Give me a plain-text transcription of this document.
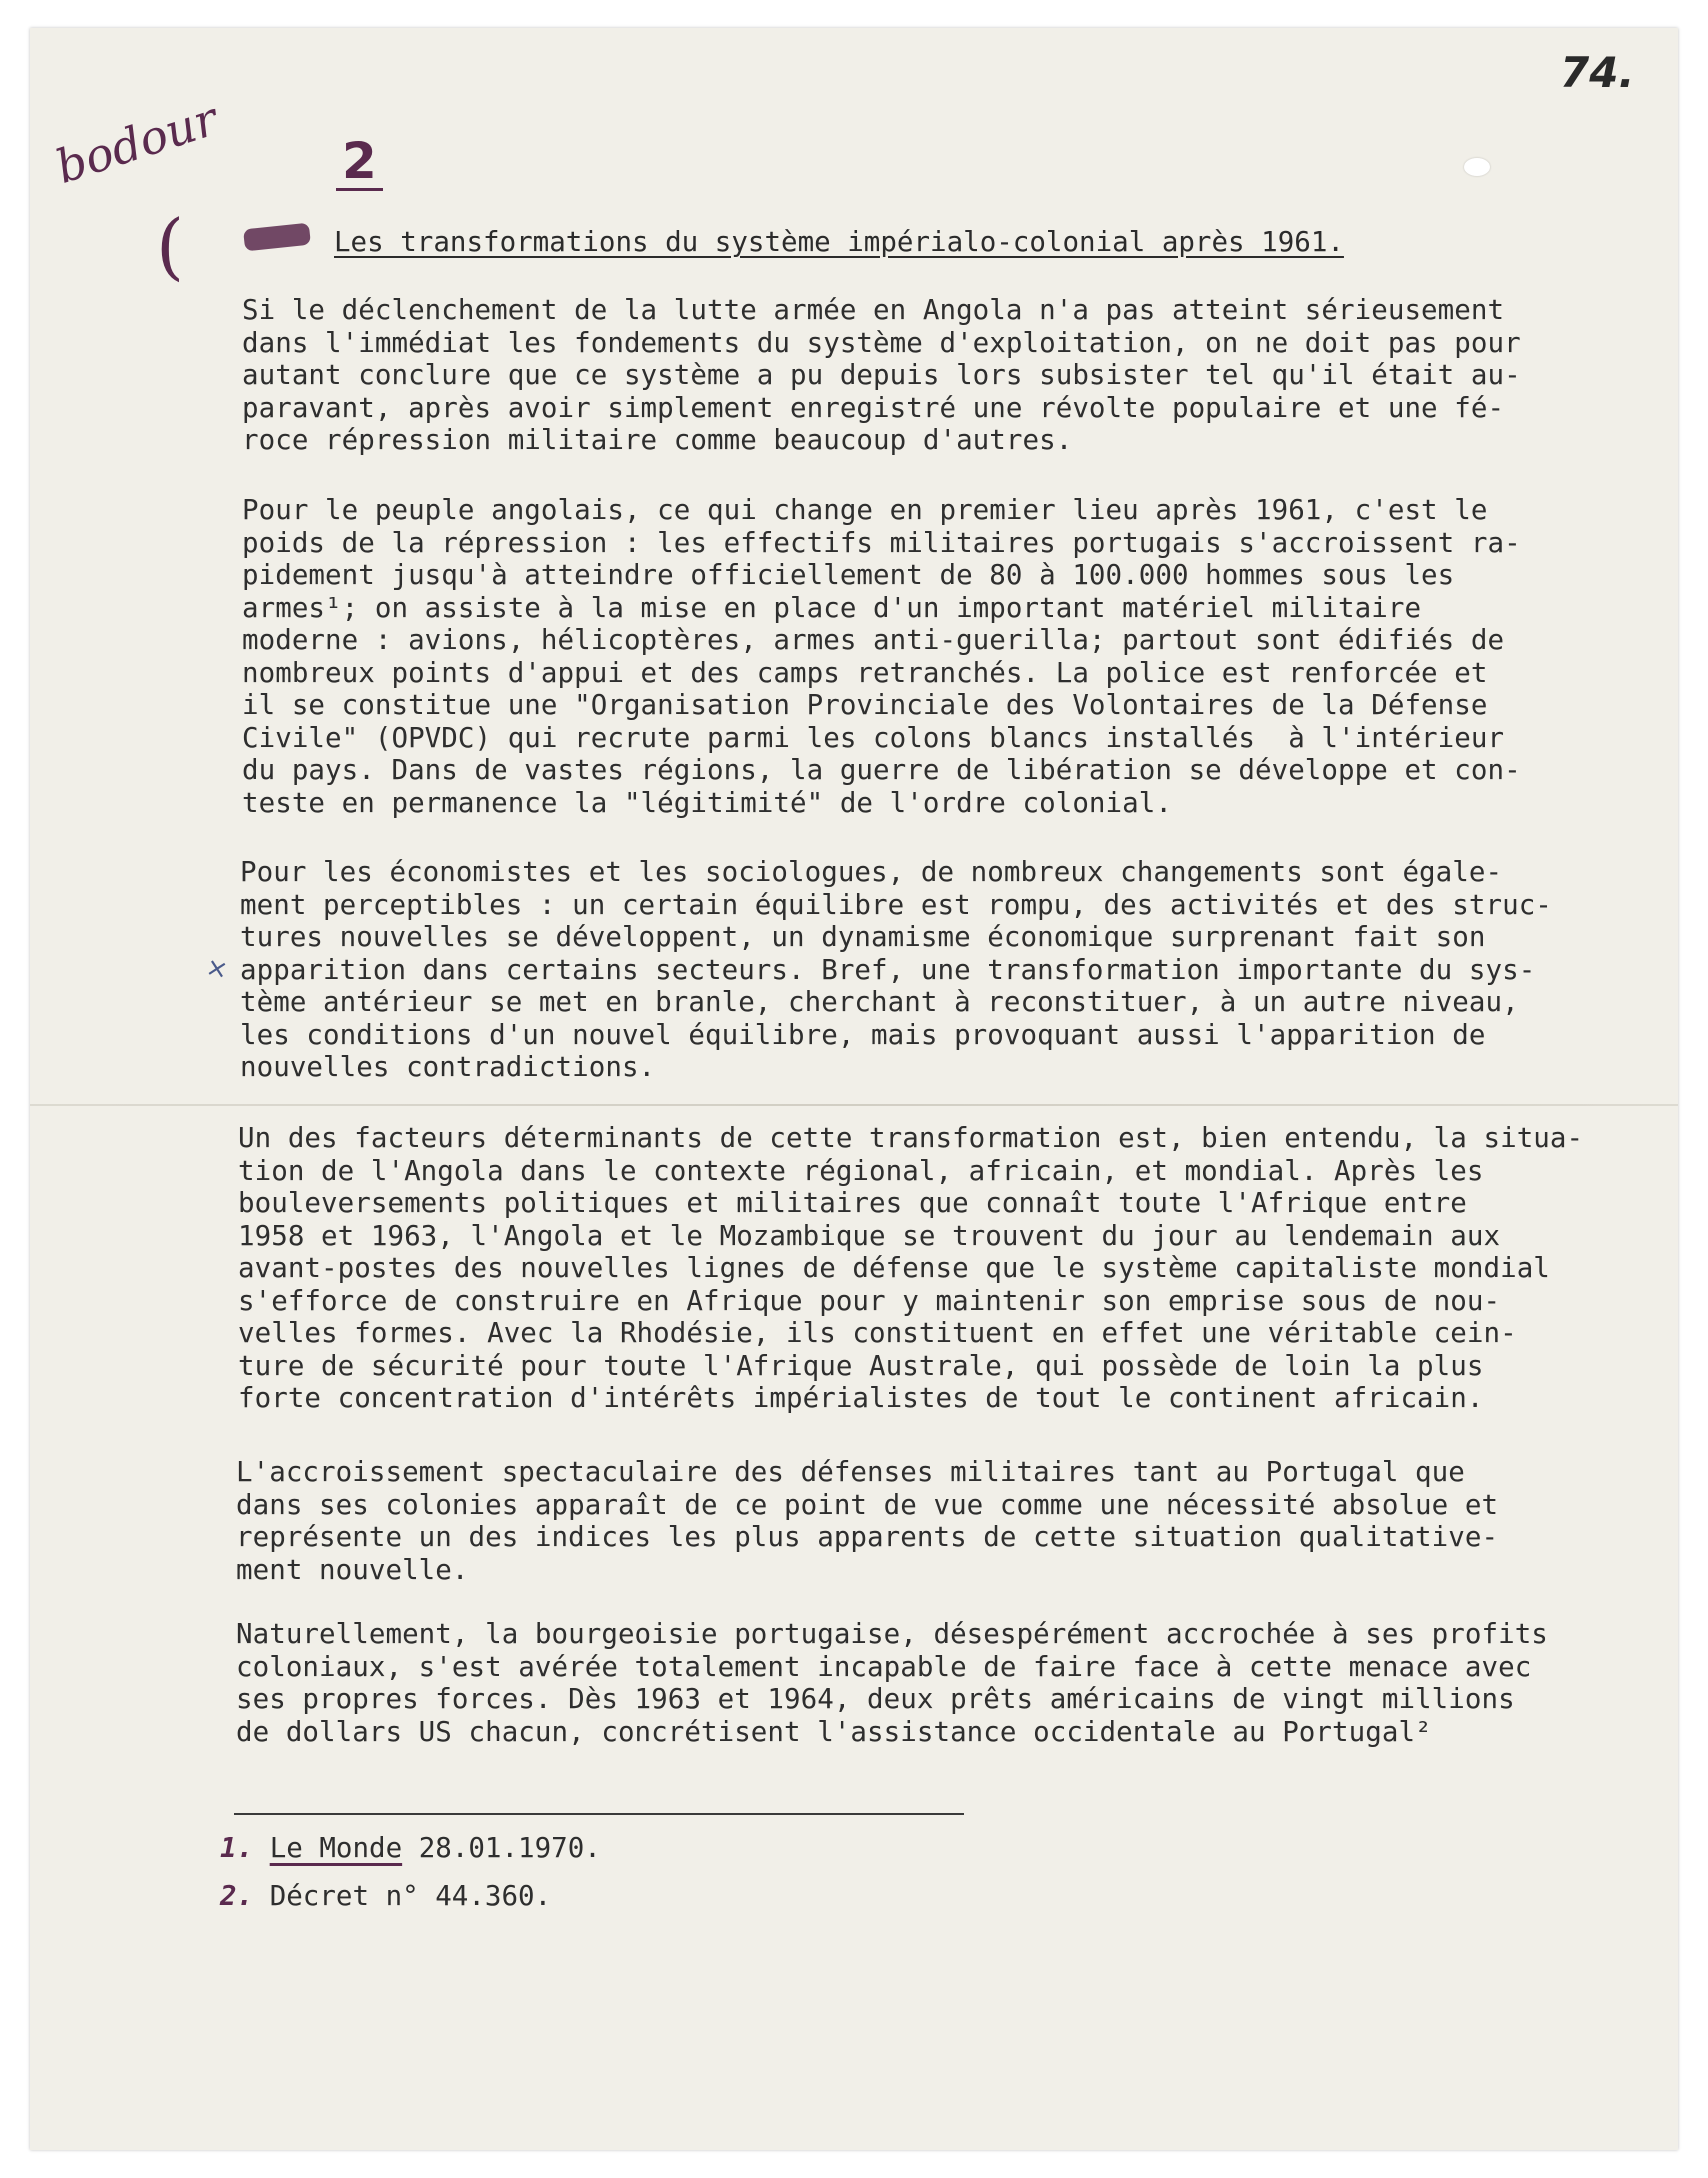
74.
bodour
(
2
Les transformations du système impérialo-colonial après 1961.

Si le déclenchement de la lutte armée en Angola n'a pas atteint sérieusement
dans l'immédiat les fondements du système d'exploitation, on ne doit pas pour
autant conclure que ce système a pu depuis lors subsister tel qu'il était au-
paravant, après avoir simplement enregistré une révolte populaire et une fé-
roce répression militaire comme beaucoup d'autres.

Pour le peuple angolais, ce qui change en premier lieu après 1961, c'est le
poids de la répression : les effectifs militaires portugais s'accroissent ra-
pidement jusqu'à atteindre officiellement de 80 à 100.000 hommes sous les
armes¹; on assiste à la mise en place d'un important matériel militaire
moderne : avions, hélicoptères, armes anti-guerilla; partout sont édifiés de
nombreux points d'appui et des camps retranchés. La police est renforcée et
il se constitue une "Organisation Provinciale des Volontaires de la Défense
Civile" (OPVDC) qui recrute parmi les colons blancs installés  à l'intérieur
du pays. Dans de vastes régions, la guerre de libération se développe et con-
teste en permanence la "légitimité" de l'ordre colonial.

Pour les économistes et les sociologues, de nombreux changements sont égale-
ment perceptibles : un certain équilibre est rompu, des activités et des struc-
tures nouvelles se développent, un dynamisme économique surprenant fait son
apparition dans certains secteurs. Bref, une transformation importante du sys-
tème antérieur se met en branle, cherchant à reconstituer, à un autre niveau,
les conditions d'un nouvel équilibre, mais provoquant aussi l'apparition de
nouvelles contradictions.

Un des facteurs déterminants de cette transformation est, bien entendu, la situa-
tion de l'Angola dans le contexte régional, africain, et mondial. Après les
bouleversements politiques et militaires que connaît toute l'Afrique entre
1958 et 1963, l'Angola et le Mozambique se trouvent du jour au lendemain aux
avant-postes des nouvelles lignes de défense que le système capitaliste mondial
s'efforce de construire en Afrique pour y maintenir son emprise sous de nou-
velles formes. Avec la Rhodésie, ils constituent en effet une véritable cein-
ture de sécurité pour toute l'Afrique Australe, qui possède de loin la plus
forte concentration d'intérêts impérialistes de tout le continent africain.

L'accroissement spectaculaire des défenses militaires tant au Portugal que
dans ses colonies apparaît de ce point de vue comme une nécessité absolue et
représente un des indices les plus apparents de cette situation qualitative-
ment nouvelle.

Naturellement, la bourgeoisie portugaise, désespérément accrochée à ses profits
coloniaux, s'est avérée totalement incapable de faire face à cette menace avec
ses propres forces. Dès 1963 et 1964, deux prêts américains de vingt millions
de dollars US chacun, concrétisent l'assistance occidentale au Portugal²

×
1. Le Monde 28.01.1970.
2. Décret n° 44.360.
